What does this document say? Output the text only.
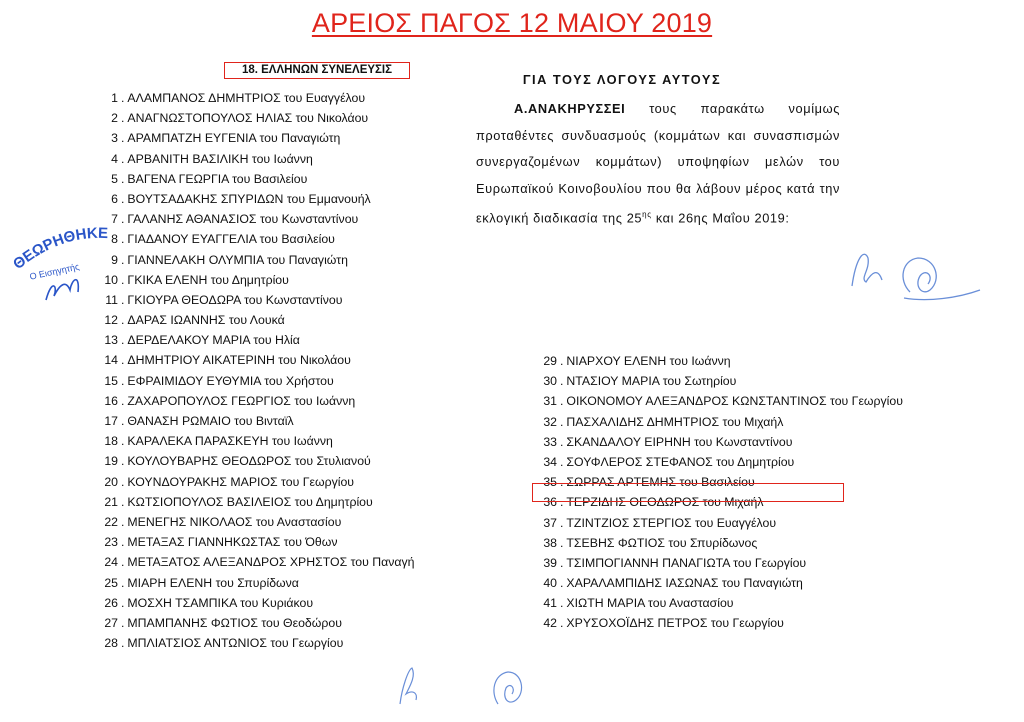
ΑΡΕΙΟΣ ΠΑΓΟΣ 12 ΜΑΙΟΥ 2019
18. ΕΛΛΗΝΩΝ ΣΥΝΕΛΕΥΣΙΣ
1 . ΑΛΑΜΠΑΝΟΣ ΔΗΜΗΤΡΙΟΣ του Ευαγγέλου
2 . ΑΝΑΓΝΩΣΤΟΠΟΥΛΟΣ ΗΛΙΑΣ του Νικολάου
3 . ΑΡΑΜΠΑΤΖΗ ΕΥΓΕΝΙΑ του Παναγιώτη
4 . ΑΡΒΑΝΙΤΗ ΒΑΣΙΛΙΚΗ του Ιωάννη
5 . ΒΑΓΕΝΑ ΓΕΩΡΓΙΑ του Βασιλείου
6 . ΒΟΥΤΣΑΔΑΚΗΣ ΣΠΥΡΙΔΩΝ του Εμμανουήλ
7 . ΓΑΛΑΝΗΣ ΑΘΑΝΑΣΙΟΣ του Κωνσταντίνου
8 . ΓΙΑΔΑΝΟΥ ΕΥΑΓΓΕΛΙΑ του Βασιλείου
9 . ΓΙΑΝΝΕΛΑΚΗ ΟΛΥΜΠΙΑ του Παναγιώτη
10 . ΓΚΙΚΑ ΕΛΕΝΗ του Δημητρίου
11 . ΓΚΙΟΥΡΑ ΘΕΟΔΩΡΑ του Κωνσταντίνου
12 . ΔΑΡΑΣ ΙΩΑΝΝΗΣ του Λουκά
13 . ΔΕΡΔΕΛΑΚΟΥ ΜΑΡΙΑ του Ηλία
14 . ΔΗΜΗΤΡΙΟΥ ΑΙΚΑΤΕΡΙΝΗ του Νικολάου
15 . ΕΦΡΑΙΜΙΔΟΥ ΕΥΘΥΜΙΑ του Χρήστου
16 . ΖΑΧΑΡΟΠΟΥΛΟΣ ΓΕΩΡΓΙΟΣ του Ιωάννη
17 . ΘΑΝΑΣΗ ΡΩΜΑΙΟ του Βινταϊλ
18 . ΚΑΡΑΛΕΚΑ ΠΑΡΑΣΚΕΥΗ του Ιωάννη
19 . ΚΟΥΛΟΥΒΑΡΗΣ ΘΕΟΔΩΡΟΣ του Στυλιανού
20 . ΚΟΥΝΔΟΥΡΑΚΗΣ ΜΑΡΙΟΣ του Γεωργίου
21 . ΚΩΤΣΙΟΠΟΥΛΟΣ ΒΑΣΙΛΕΙΟΣ του Δημητρίου
22 . ΜΕΝΕΓΗΣ ΝΙΚΟΛΑΟΣ του Αναστασίου
23 . ΜΕΤΑΞΑΣ ΓΙΑΝΝΗΚΩΣΤΑΣ του Όθων
24 . ΜΕΤΑΞΑΤΟΣ ΑΛΕΞΑΝΔΡΟΣ ΧΡΗΣΤΟΣ του Παναγή
25 . ΜΙΑΡΗ ΕΛΕΝΗ του Σπυρίδωνα
26 . ΜΟΣΧΗ ΤΣΑΜΠΙΚΑ του Κυριάκου
27 . ΜΠΑΜΠΑΝΗΣ ΦΩΤΙΟΣ του Θεοδώρου
28 . ΜΠΛΙΑΤΣΙΟΣ ΑΝΤΩΝΙΟΣ του Γεωργίου
ΘΕΩΡΗΘΗΚΕ
Ο Εισηγητής
ΓΙΑ ΤΟΥΣ ΛΟΓΟΥΣ ΑΥΤΟΥΣ
Α.ΑΝΑΚΗΡΥΣΣΕΙ τους παρακάτω νομίμως προταθέντες συνδυασμούς (κομμάτων και συνασπισμών συνεργαζομένων κομμάτων) υποψηφίων μελών του Ευρωπαϊκού Κοινοβουλίου που θα λάβουν μέρος κατά την εκλογική διαδικασία της $25^{\eta\varsigma}$ και 26ης Μαΐου 2019:
29 . ΝΙΑΡΧΟΥ ΕΛΕΝΗ του Ιωάννη
30 . ΝΤΑΣΙΟΥ ΜΑΡΙΑ του Σωτηρίου
31 . ΟΙΚΟΝΟΜΟΥ ΑΛΕΞΑΝΔΡΟΣ ΚΩΝΣΤΑΝΤΙΝΟΣ του Γεωργίου
32 . ΠΑΣΧΑΛΙΔΗΣ ΔΗΜΗΤΡΙΟΣ του Μιχαήλ
33 . ΣΚΑΝΔΑΛΟΥ ΕΙΡΗΝΗ του Κωνσταντίνου
34 . ΣΟΥΦΛΕΡΟΣ ΣΤΕΦΑΝΟΣ του Δημητρίου
35 . ΣΩΡΡΑΣ ΑΡΤΕΜΗΣ του Βασιλείου
36 . ΤΕΡΖΙΔΗΣ ΘΕΟΔΩΡΟΣ του Μιχαήλ
37 . ΤΖΙΝΤΖΙΟΣ ΣΤΕΡΓΙΟΣ του Ευαγγέλου
38 . ΤΣΕΒΗΣ ΦΩΤΙΟΣ του Σπυρίδωνος
39 . ΤΣΙΜΠΟΓΙΑΝΝΗ ΠΑΝΑΓΙΩΤΑ του Γεωργίου
40 . ΧΑΡΑΛΑΜΠΙΔΗΣ ΙΑΣΩΝΑΣ του Παναγιώτη
41 . ΧΙΩΤΗ ΜΑΡΙΑ του Αναστασίου
42 . ΧΡΥΣΟΧΟΪΔΗΣ ΠΕΤΡΟΣ του Γεωργίου
